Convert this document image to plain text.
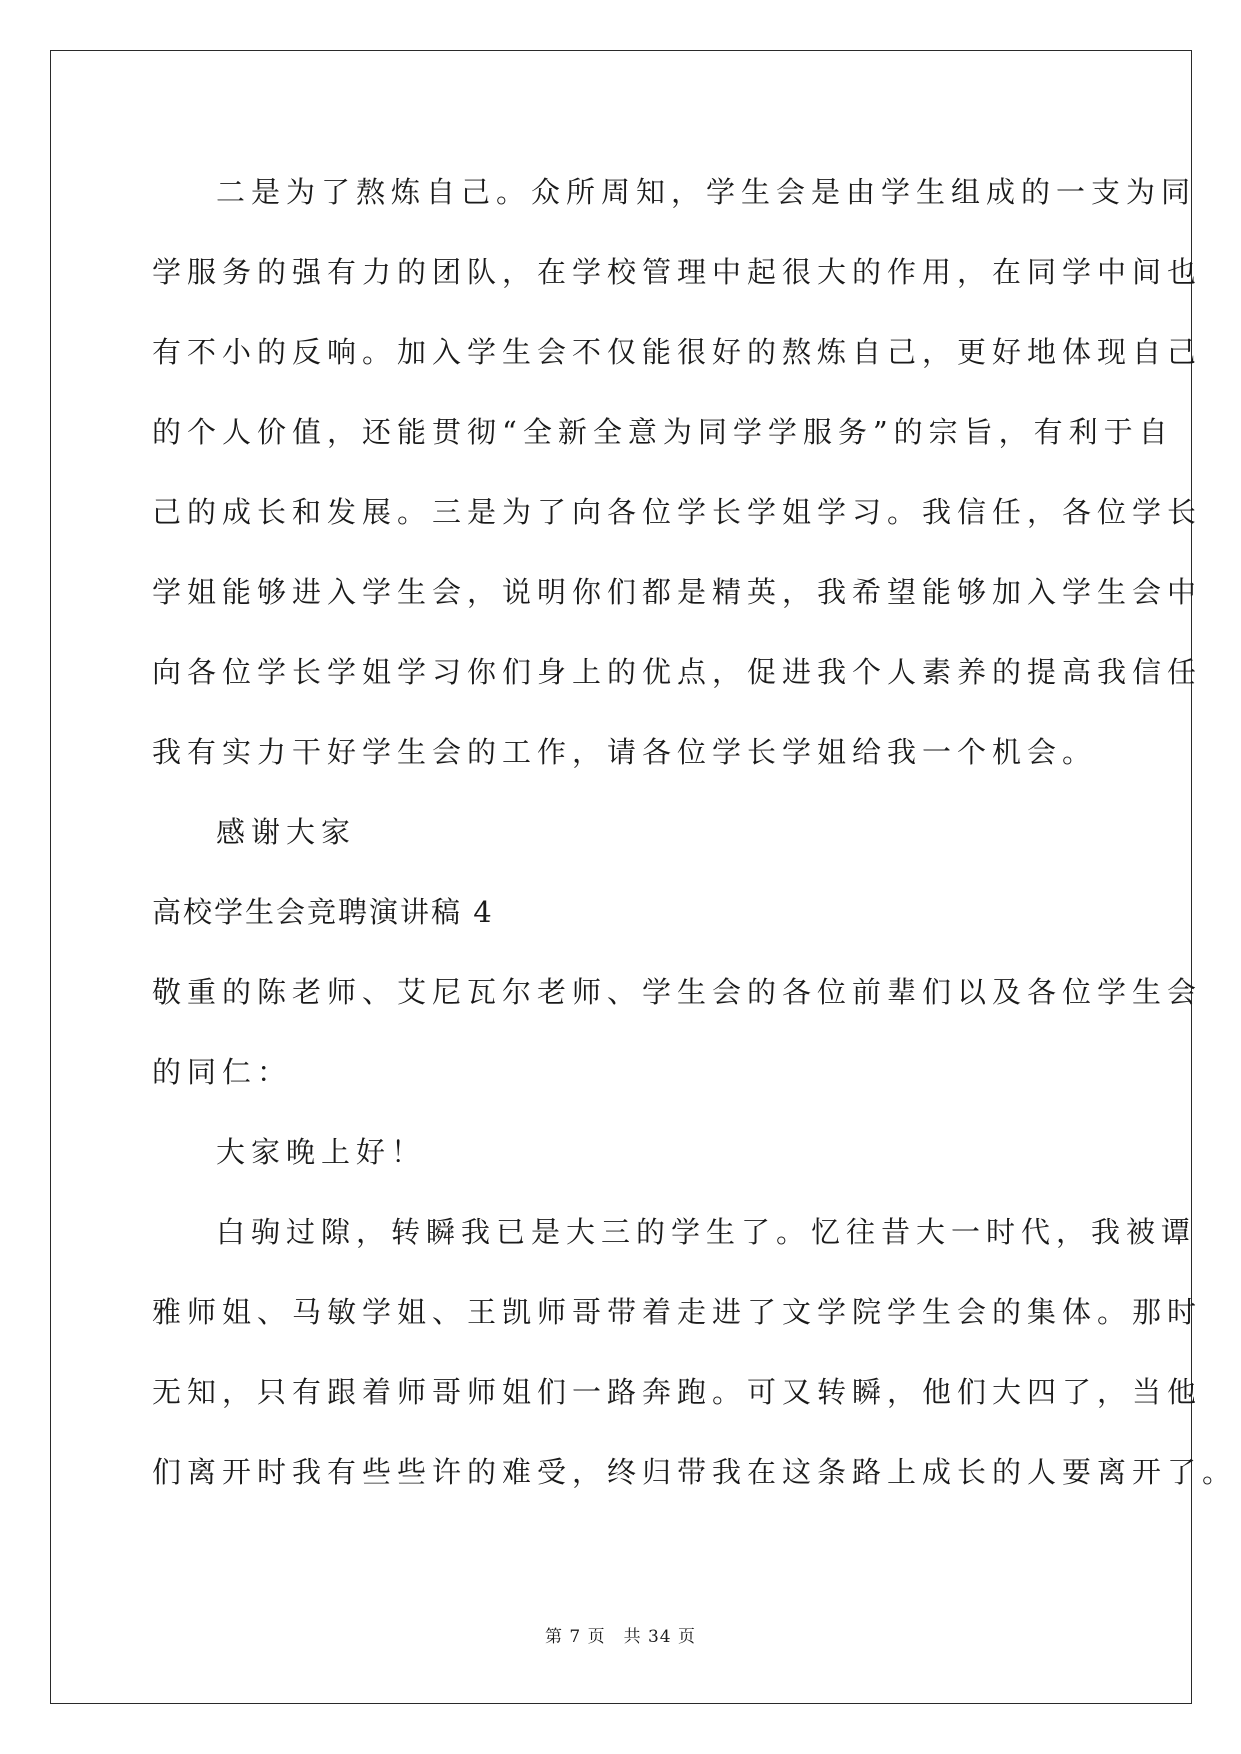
二是为了熬炼自己。众所周知，学生会是由学生组成的一支为同
学服务的强有力的团队，在学校管理中起很大的作用，在同学中间也
有不小的反响。加入学生会不仅能很好的熬炼自己，更好地体现自己
的个人价值，还能贯彻“全新全意为同学学服务”的宗旨，有利于自
己的成长和发展。三是为了向各位学长学姐学习。我信任，各位学长
学姐能够进入学生会，说明你们都是精英，我希望能够加入学生会中
向各位学长学姐学习你们身上的优点，促进我个人素养的提高我信任
我有实力干好学生会的工作，请各位学长学姐给我一个机会。
感谢大家
高校学生会竞聘演讲稿 4
敬重的陈老师、艾尼瓦尔老师、学生会的各位前辈们以及各位学生会
的同仁：
大家晚上好！
白驹过隙，转瞬我已是大三的学生了。忆往昔大一时代，我被谭
雅师姐、马敏学姐、王凯师哥带着走进了文学院学生会的集体。那时
无知，只有跟着师哥师姐们一路奔跑。可又转瞬，他们大四了，当他
们离开时我有些些许的难受，终归带我在这条路上成长的人要离开了。
第 7 页 共 34 页
